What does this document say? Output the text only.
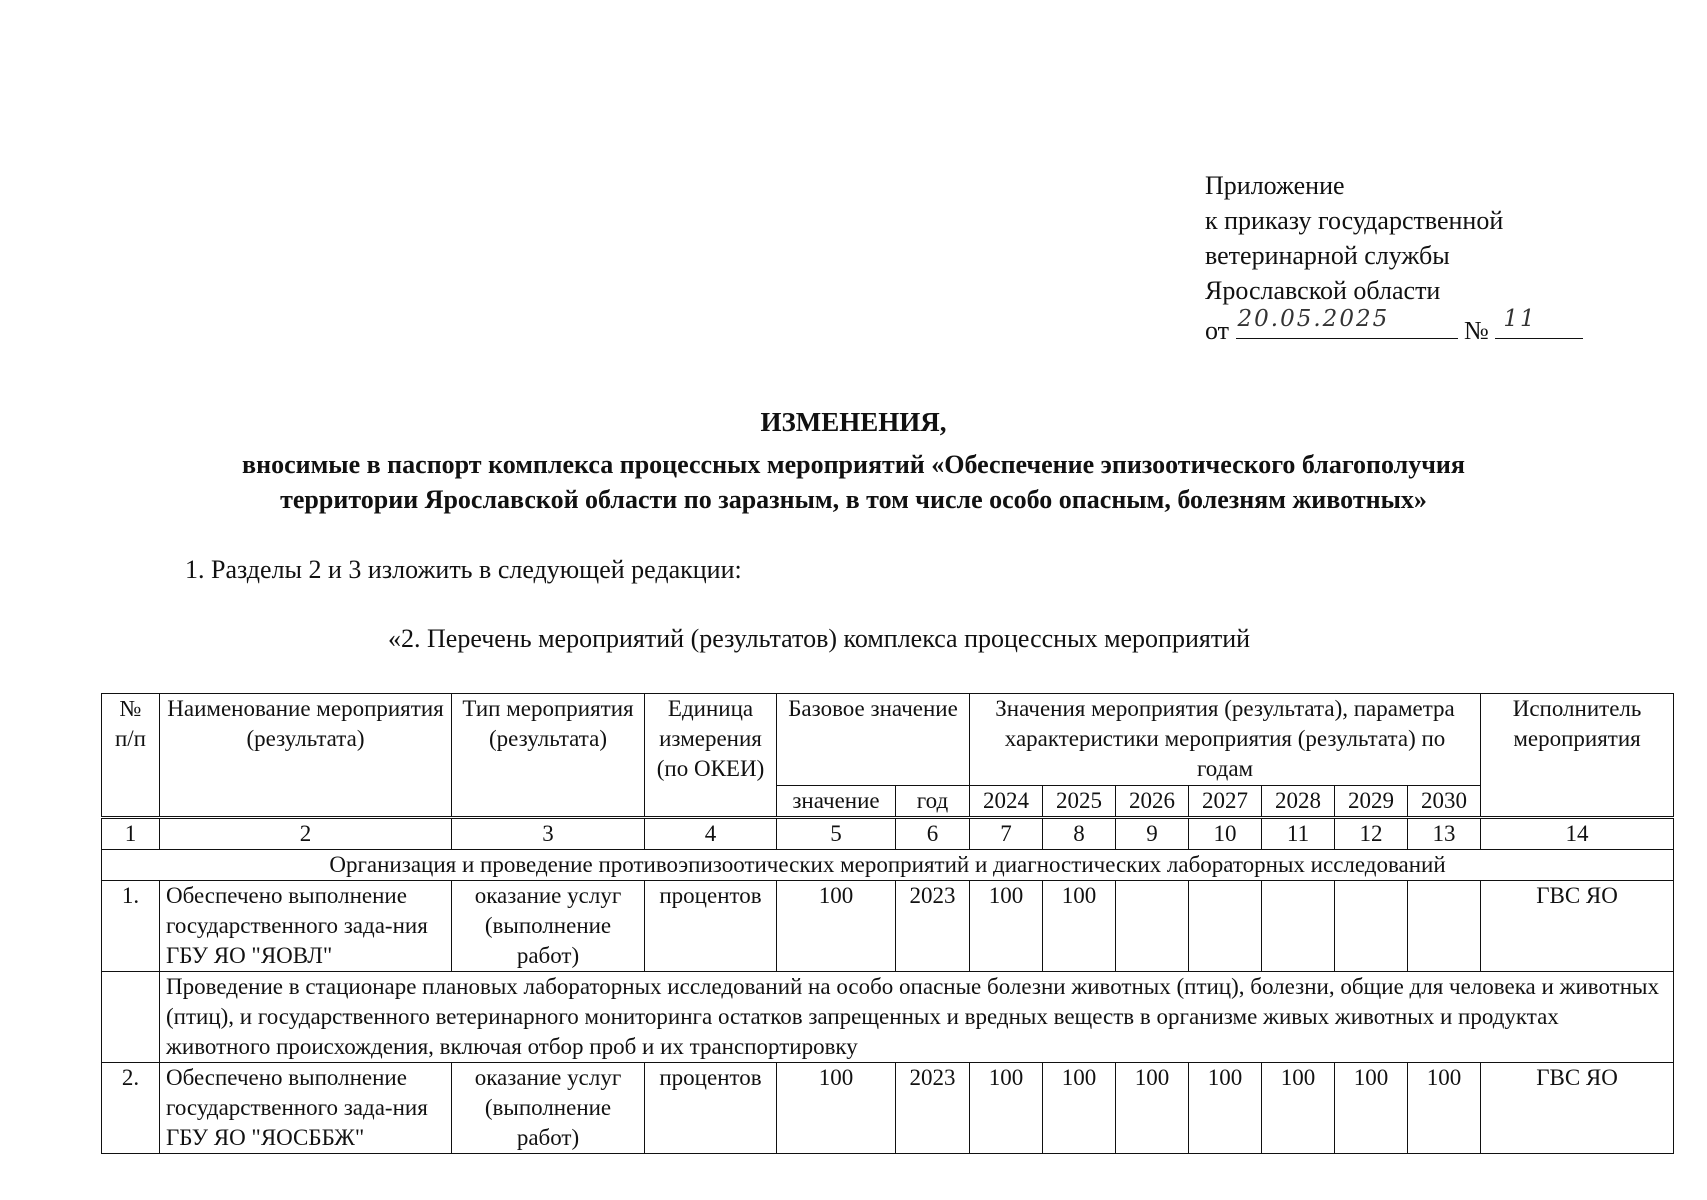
Приложение
к приказу государственной
ветеринарной службы
Ярославской области
от 20.05.2025	№ 11
ИЗМЕНЕНИЯ,
вносимые в паспорт комплекса процессных мероприятий «Обеспечение эпизоотического благополучия
территории Ярославской области по заразным, в том числе особо опасным, болезням животных»
1. Разделы 2 и 3 изложить в следующей редакции:
«2. Перечень мероприятий (результатов) комплекса процессных мероприятий
№ п/п	Наименование мероприятия (результата)	Тип мероприятия (результата)	Единица измерения (по ОКЕИ)	Базовое значение		Значения мероприятия (результата), параметра характеристики мероприятия (результата) по годам							Исполнитель мероприятия
				значение	год	2024	2025	2026	2027	2028	2029	2030	
1	2	3	4	5	6	7	8	9	10	11	12	13	14
Организация и проведение противоэпизоотических мероприятий и диагностических лабораторных исследований													
1.	Обеспечено выполнение государственного зада-ния ГБУ ЯО "ЯОВЛ"	оказание услуг (выполнение работ)	процентов	100	2023	100	100						ГВС ЯО
	Проведение в стационаре плановых лабораторных исследований на особо опасные болезни животных (птиц), болезни, общие для человека и животных (птиц), и государственного ветеринарного мониторинга остатков запрещенных и вредных веществ в организме живых животных и продуктах животного происхождения, включая отбор проб и их транспортировку												
2.	Обеспечено выполнение государственного зада-ния ГБУ ЯО "ЯОСББЖ"	оказание услуг (выполнение работ)	процентов	100	2023	100	100	100	100	100	100	100	ГВС ЯО
